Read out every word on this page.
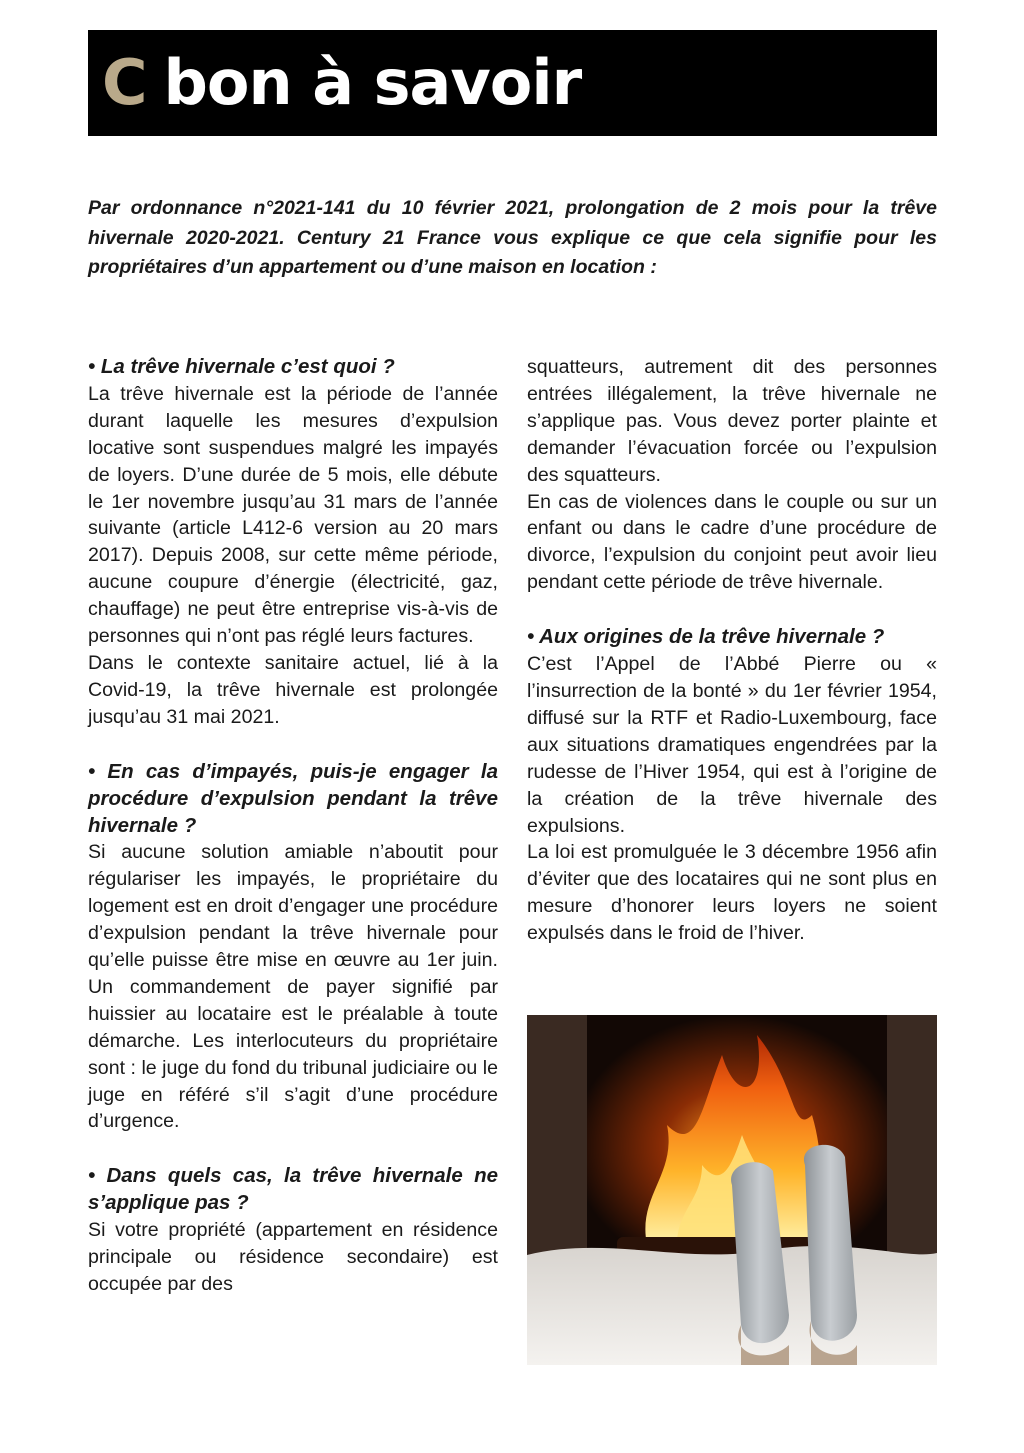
C bon à savoir

Par ordonnance n°2021-141 du 10 février 2021, prolongation de 2 mois pour la trêve hivernale 2020-2021. Century 21 France vous explique ce que cela signifie pour les propriétaires d’un appartement ou d’une maison en location :

• La trêve hivernale c’est quoi ?

La trêve hivernale est la période de l’année durant laquelle les mesures d’expulsion locative sont suspendues malgré les impayés de loyers. D’une durée de 5 mois, elle débute le 1er novembre jusqu’au 31 mars de l’année suivante (article L412-6 version au 20 mars 2017). Depuis 2008, sur cette même période, aucune coupure d’énergie (électricité, gaz, chauffage) ne peut être entreprise vis-à-vis de personnes qui n’ont pas réglé leurs factures.

Dans le contexte sanitaire actuel, lié à la Covid-19, la trêve hivernale est prolongée jusqu’au 31 mai 2021.

• En cas d’impayés, puis-je engager la procédure d’expulsion pendant la trêve hivernale ?

Si aucune solution amiable n’aboutit pour régulariser les impayés, le propriétaire du logement est en droit d’engager une procédure d’expulsion pendant la trêve hivernale pour qu’elle puisse être mise en œuvre au 1er juin. Un commandement de payer signifié par huissier au locataire est le préalable à toute démarche. Les interlocuteurs du propriétaire sont : le juge du fond du tribunal judiciaire ou le juge en référé s’il s’agit d’une procédure d’urgence.

• Dans quels cas, la trêve hivernale ne s’applique pas ?

Si votre propriété (appartement en résidence principale ou résidence secondaire) est occupée par des

squatteurs, autrement dit des personnes entrées illégalement, la trêve hivernale ne s’applique pas. Vous devez porter plainte et demander l’évacuation forcée ou l’expulsion des squatteurs.

En cas de violences dans le couple ou sur un enfant ou dans le cadre d’une procédure de divorce, l’expulsion du conjoint peut avoir lieu pendant cette période de trêve hivernale.

• Aux origines de la trêve hivernale ?

C’est l’Appel de l’Abbé Pierre ou « l’insurrection de la bonté » du 1er février 1954, diffusé sur la RTF et Radio-Luxembourg, face aux situations dramatiques engendrées par la rudesse de l’Hiver 1954, qui est à l’origine de la création de la trêve hivernale des expulsions.

La loi est promulguée le 3 décembre 1956 afin d’éviter que des locataires qui ne sont plus en mesure d’honorer leurs loyers ne soient expulsés dans le froid de l’hiver.
